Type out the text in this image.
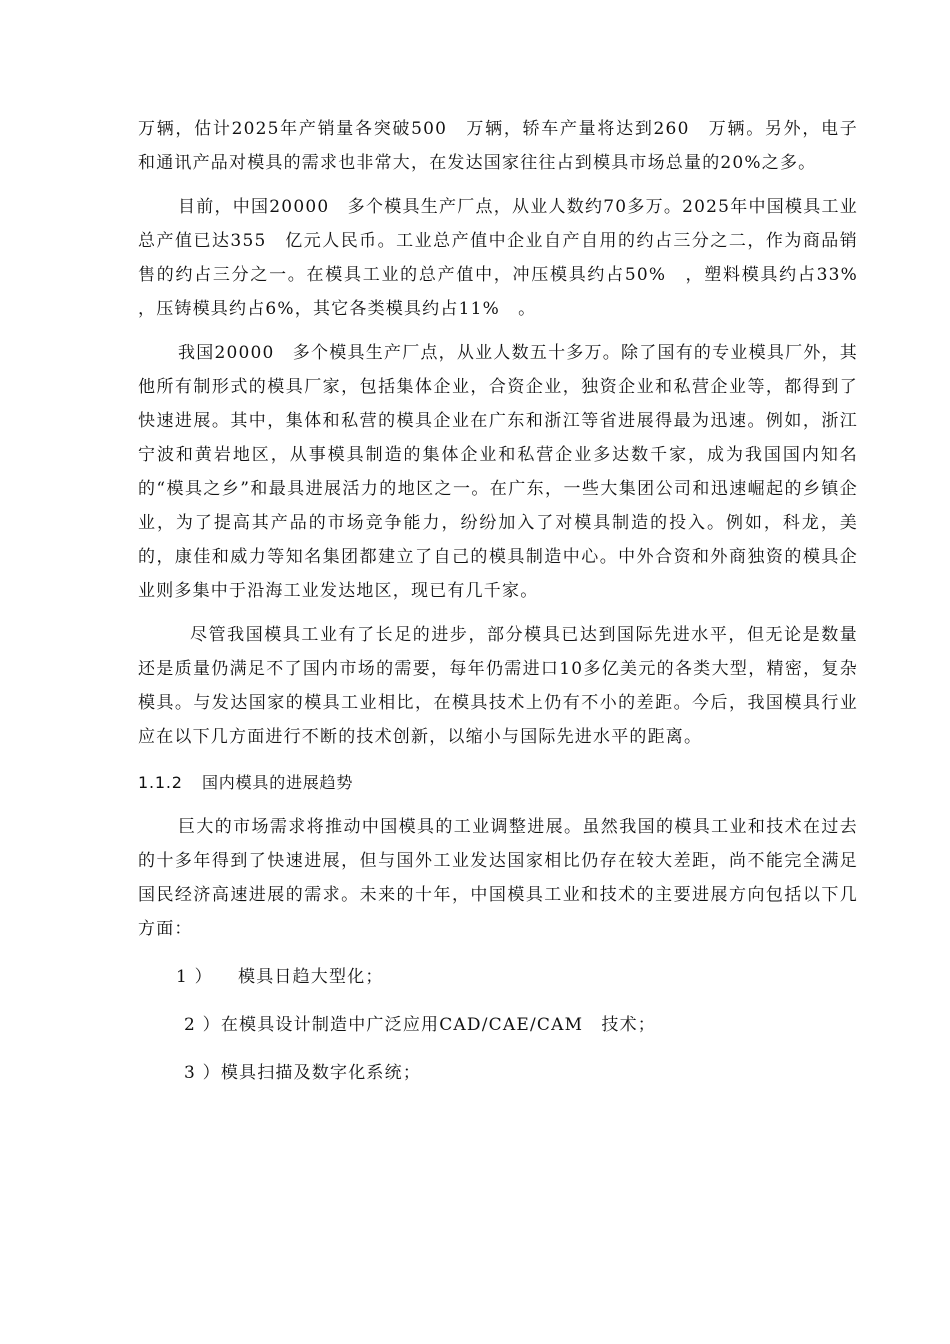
万辆，估计2025年产销量各突破500　万辆，轿车产量将达到260　万辆。另外，电子和通讯产品对模具的需求也非常大，在发达国家往往占到模具市场总量的20%之多。

目前，中国20000　多个模具生产厂点，从业人数约70多万。2025年中国模具工业总产值已达355　亿元人民币。工业总产值中企业自产自用的约占三分之二，作为商品销售的约占三分之一。在模具工业的总产值中，冲压模具约占50%　，塑料模具约占33%　，压铸模具约占6%，其它各类模具约占11%　。

我国20000　多个模具生产厂点，从业人数五十多万。除了国有的专业模具厂外，其他所有制形式的模具厂家，包括集体企业，合资企业，独资企业和私营企业等，都得到了快速进展。其中，集体和私营的模具企业在广东和浙江等省进展得最为迅速。例如，浙江宁波和黄岩地区，从事模具制造的集体企业和私营企业多达数千家，成为我国国内知名的“模具之乡”和最具进展活力的地区之一。在广东，一些大集团公司和迅速崛起的乡镇企业，为了提高其产品的市场竞争能力，纷纷加入了对模具制造的投入。例如，科龙，美的，康佳和威力等知名集团都建立了自己的模具制造中心。中外合资和外商独资的模具企业则多集中于沿海工业发达地区，现已有几千家。

尽管我国模具工业有了长足的进步，部分模具已达到国际先进水平，但无论是数量还是质量仍满足不了国内市场的需要，每年仍需进口10多亿美元的各类大型，精密，复杂模具。与发达国家的模具工业相比，在模具技术上仍有不小的差距。今后，我国模具行业应在以下几方面进行不断的技术创新，以缩小与国际先进水平的距离。

1.1.2 国内模具的进展趋势

巨大的市场需求将推动中国模具的工业调整进展。虽然我国的模具工业和技术在过去的十多年得到了快速进展，但与国外工业发达国家相比仍存在较大差距，尚不能完全满足国民经济高速进展的需求。未来的十年，中国模具工业和技术的主要进展方向包括以下几方面：

1 ） 模具日趋大型化；

2 ）在模具设计制造中广泛应用CAD/CAE/CAM　技术；

3 ）模具扫描及数字化系统；
